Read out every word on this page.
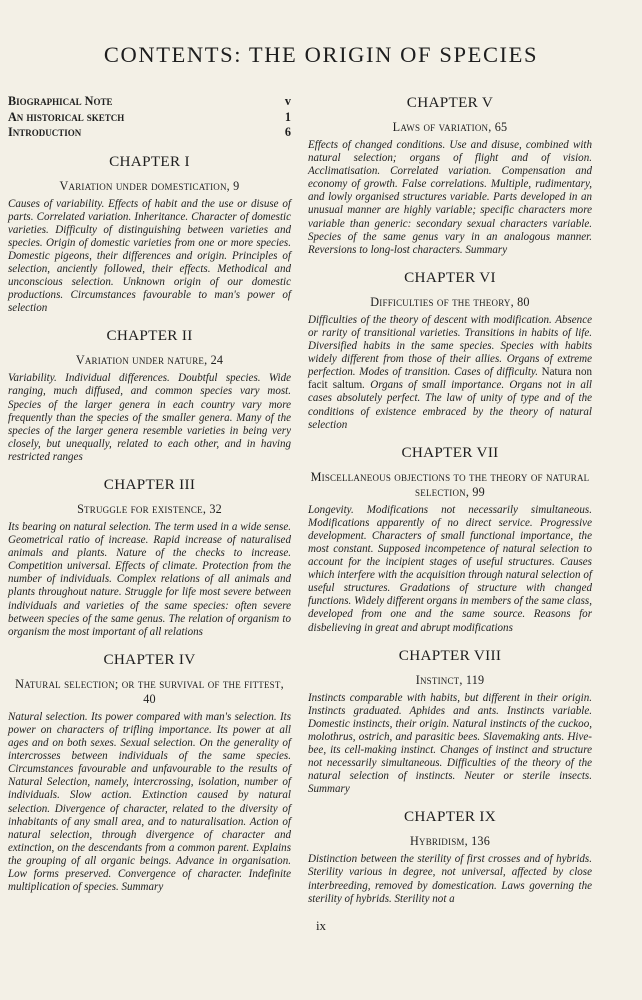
CONTENTS: THE ORIGIN OF SPECIES
Biographical Note	v
An historical sketch	1
Introduction	6
CHAPTER I
Variation under domestication, 9

Causes of variability. Effects of habit and the use or disuse of parts. Correlated variation. Inheritance. Character of domestic varieties. Difficulty of distinguishing between varieties and species. Origin of domestic varieties from one or more species. Domestic pigeons, their differences and origin. Principles of selection, anciently followed, their effects. Methodical and unconscious selection. Unknown origin of our domestic productions. Circumstances favourable to man's power of selection

CHAPTER II
Variation under nature, 24

Variability. Individual differences. Doubtful species. Wide ranging, much diffused, and common species vary most. Species of the larger genera in each country vary more frequently than the species of the smaller genera. Many of the species of the larger genera resemble varieties in being very closely, but unequally, related to each other, and in having restricted ranges

CHAPTER III
Struggle for existence, 32

Its bearing on natural selection. The term used in a wide sense. Geometrical ratio of increase. Rapid increase of naturalised animals and plants. Nature of the checks to increase. Competition universal. Effects of climate. Protection from the number of individuals. Complex relations of all animals and plants throughout nature. Struggle for life most severe between individuals and varieties of the same species: often severe between species of the same genus. The relation of organism to organism the most important of all relations

CHAPTER IV
Natural selection; or the survival of the fittest, 40

Natural selection. Its power compared with man's selection. Its power on characters of trifling importance. Its power at all ages and on both sexes. Sexual selection. On the generality of intercrosses between individuals of the same species. Circumstances favourable and unfavourable to the results of Natural Selection, namely, intercrossing, isolation, number of individuals. Slow action. Extinction caused by natural selection. Divergence of character, related to the diversity of inhabitants of any small area, and to naturalisation. Action of natural selection, through divergence of character and extinction, on the descendants from a common parent. Explains the grouping of all organic beings. Advance in organisation. Low forms preserved. Convergence of character. Indefinite multiplication of species. Summary

CHAPTER V
Laws of variation, 65

Effects of changed conditions. Use and disuse, combined with natural selection; organs of flight and of vision. Acclimatisation. Correlated variation. Compensation and economy of growth. False correlations. Multiple, rudimentary, and lowly organised structures variable. Parts developed in an unusual manner are highly variable; specific characters more variable than generic: secondary sexual characters variable. Species of the same genus vary in an analogous manner. Reversions to long-lost characters. Summary

CHAPTER VI
Difficulties of the theory, 80

Difficulties of the theory of descent with modification. Absence or rarity of transitional varieties. Transitions in habits of life. Diversified habits in the same species. Species with habits widely different from those of their allies. Organs of extreme perfection. Modes of transition. Cases of difficulty. Natura non facit saltum. Organs of small importance. Organs not in all cases absolutely perfect. The law of unity of type and of the conditions of existence embraced by the theory of natural selection

CHAPTER VII
Miscellaneous objections to the theory of natural selection, 99

Longevity. Modifications not necessarily simultaneous. Modifications apparently of no direct service. Progressive development. Characters of small functional importance, the most constant. Supposed incompetence of natural selection to account for the incipient stages of useful structures. Causes which interfere with the acquisition through natural selection of useful structures. Gradations of structure with changed functions. Widely different organs in members of the same class, developed from one and the same source. Reasons for disbelieving in great and abrupt modifications

CHAPTER VIII
Instinct, 119

Instincts comparable with habits, but different in their origin. Instincts graduated. Aphides and ants. Instincts variable. Domestic instincts, their origin. Natural instincts of the cuckoo, molothrus, ostrich, and parasitic bees. Slavemaking ants. Hive-bee, its cell-making instinct. Changes of instinct and structure not necessarily simultaneous. Difficulties of the theory of the natural selection of instincts. Neuter or sterile insects. Summary

CHAPTER IX
Hybridism, 136

Distinction between the sterility of first crosses and of hybrids. Sterility various in degree, not universal, affected by close interbreeding, removed by domestication. Laws governing the sterility of hybrids. Sterility not a

ix
